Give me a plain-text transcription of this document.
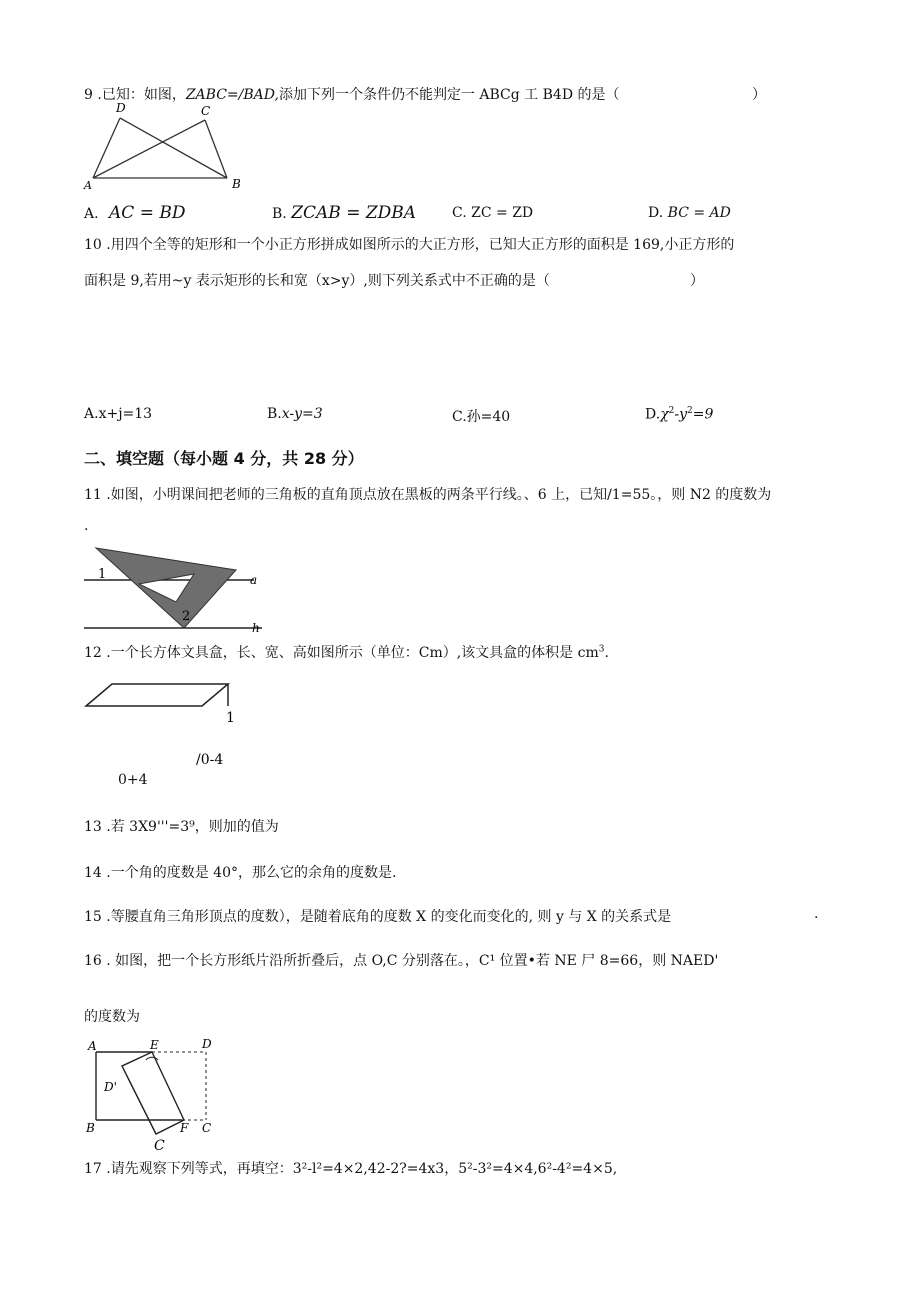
9 .已知：如图，ZABC=/BAD,添加下列一个条件仍不能判定一 ABCg 工 B4D 的是（	）
D	C
A	B
A. AC = BD	B. ZCAB = ZDBA	C. ZC = ZD	D. BC = AD
10 .用四个全等的矩形和一个小正方形拼成如图所示的大正方形，已知大正方形的面积是 169,小正方形的
面积是 9,若用~y 表示矩形的长和宽（x>y）,则下列关系式中不正确的是（	）
A.x+j=13	B.x-y=3	C.孙=40	$D.\chi^2-y^2=9$
二、填空题（每小题 4 分，共 28 分）
11 .如图，小明课间把老师的三角板的直角顶点放在黑板的两条平行线。、6 上，已知/1=55。，则 N2 的度数为
.
1
2
a
h
12 .一个长方体文具盒，长、宽、高如图所示（单位：Cm）,该文具盒的体积是 $cm^3$.
1
/0-4
0+4
13 .若 3X9'''=3⁹，则加的值为
14 .一个角的度数是 40°，那么它的余角的度数是.
15 .等腰直角三角形顶点的度数），是随着底角的度数 X 的变化而变化的, 则 y 与 X 的关系式是	.
16 . 如图，把一个长方形纸片沿所折叠后，点 O,C 分别落在。，C¹ 位置•若 NE 尸 8=66，则 NAED'
的度数为
A	E	D
D'
B	F C
C
17 .请先观察下列等式，再填空：3²-l²=4×2,42-2?=4x3，5²-3²=4×4,6²-4²=4×5,
